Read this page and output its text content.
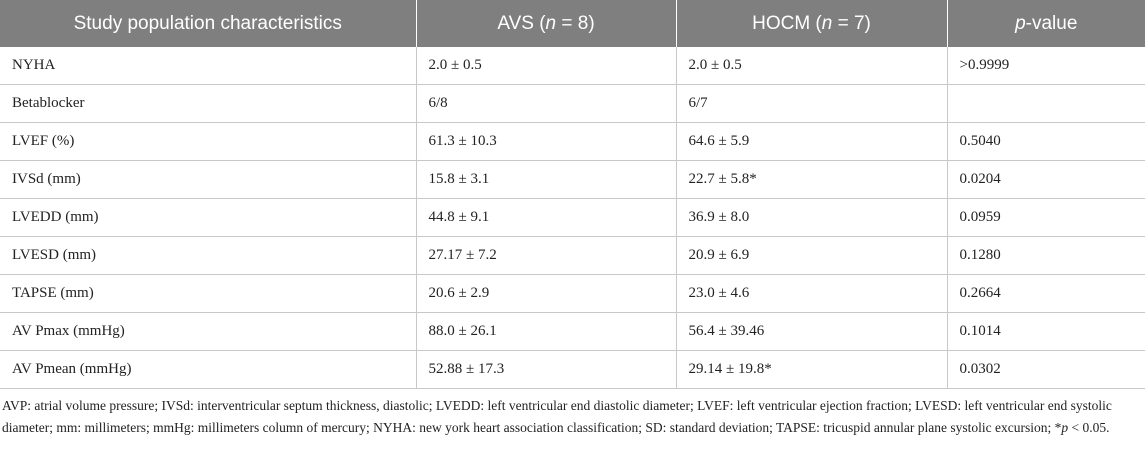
Study population characteristics	AVS (n = 8)	HOCM (n = 7)	p-value
NYHA	2.0 ± 0.5	2.0 ± 0.5	>0.9999
Betablocker	6/8	6/7	
LVEF (%)	61.3 ± 10.3	64.6 ± 5.9	0.5040
IVSd (mm)	15.8 ± 3.1	22.7 ± 5.8*	0.0204
LVEDD (mm)	44.8 ± 9.1	36.9 ± 8.0	0.0959
LVESD (mm)	27.17 ± 7.2	20.9 ± 6.9	0.1280
TAPSE (mm)	20.6 ± 2.9	23.0 ± 4.6	0.2664
AV Pmax (mmHg)	88.0 ± 26.1	56.4 ± 39.46	0.1014
AV Pmean (mmHg)	52.88 ± 17.3	29.14 ± 19.8*	0.0302
AVP: atrial volume pressure; IVSd: interventricular septum thickness, diastolic; LVEDD: left ventricular end diastolic diameter; LVEF: left ventricular ejection fraction; LVESD: left ventricular end systolic diameter; mm: millimeters; mmHg: millimeters column of mercury; NYHA: new york heart association classification; SD: standard deviation; TAPSE: tricuspid annular plane systolic excursion; *p < 0.05.
